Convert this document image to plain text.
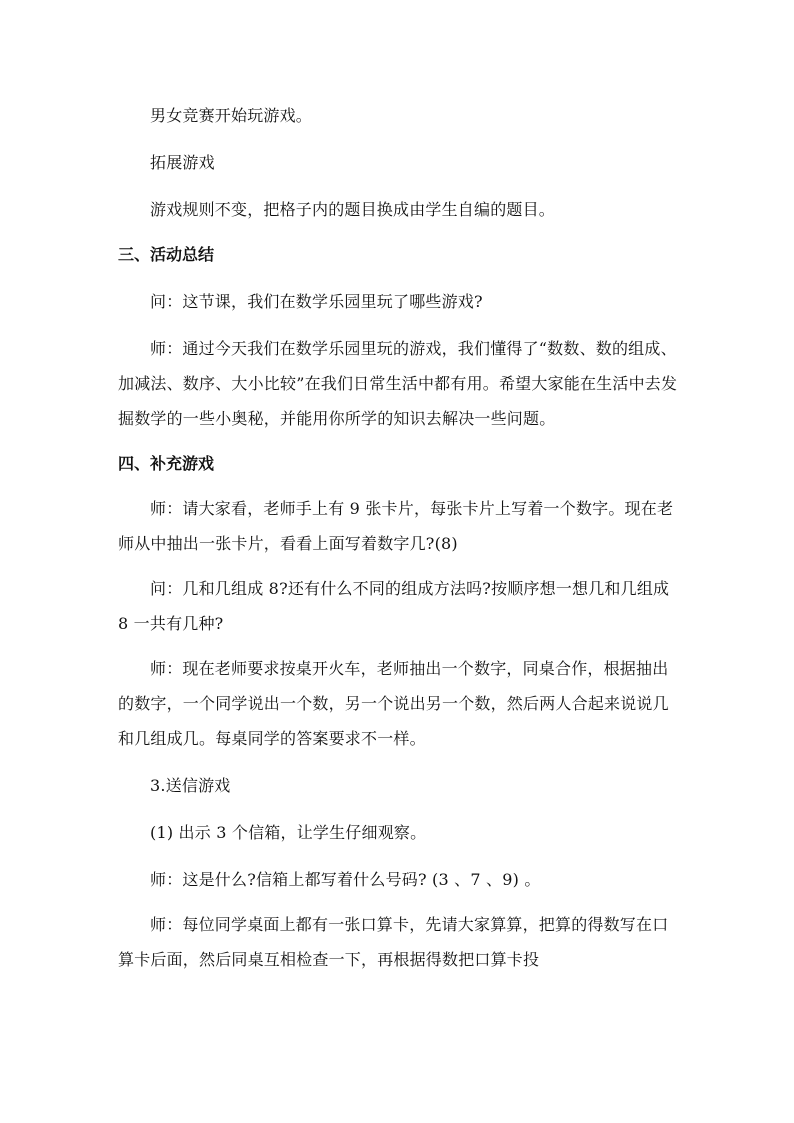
男女竞赛开始玩游戏。

拓展游戏

游戏规则不变，把格子内的题目换成由学生自编的题目。

三、活动总结

问：这节课，我们在数学乐园里玩了哪些游戏?

师：通过今天我们在数学乐园里玩的游戏，我们懂得了“数数、数的组成、加减法、数序、大小比较”在我们日常生活中都有用。希望大家能在生活中去发掘数学的一些小奥秘，并能用你所学的知识去解决一些问题。

四、补充游戏

师：请大家看，老师手上有 9 张卡片，每张卡片上写着一个数字。现在老师从中抽出一张卡片，看看上面写着数字几?(8)

问：几和几组成 8?还有什么不同的组成方法吗?按顺序想一想几和几组成 8 一共有几种?

师：现在老师要求按桌开火车，老师抽出一个数字，同桌合作，根据抽出的数字，一个同学说出一个数，另一个说出另一个数，然后两人合起来说说几和几组成几。每桌同学的答案要求不一样。

3.送信游戏

(1) 出示 3 个信箱，让学生仔细观察。

师：这是什么?信箱上都写着什么号码? (3 、7 、9) 。

师：每位同学桌面上都有一张口算卡，先请大家算算，把算的得数写在口算卡后面，然后同桌互相检查一下，再根据得数把口算卡投
